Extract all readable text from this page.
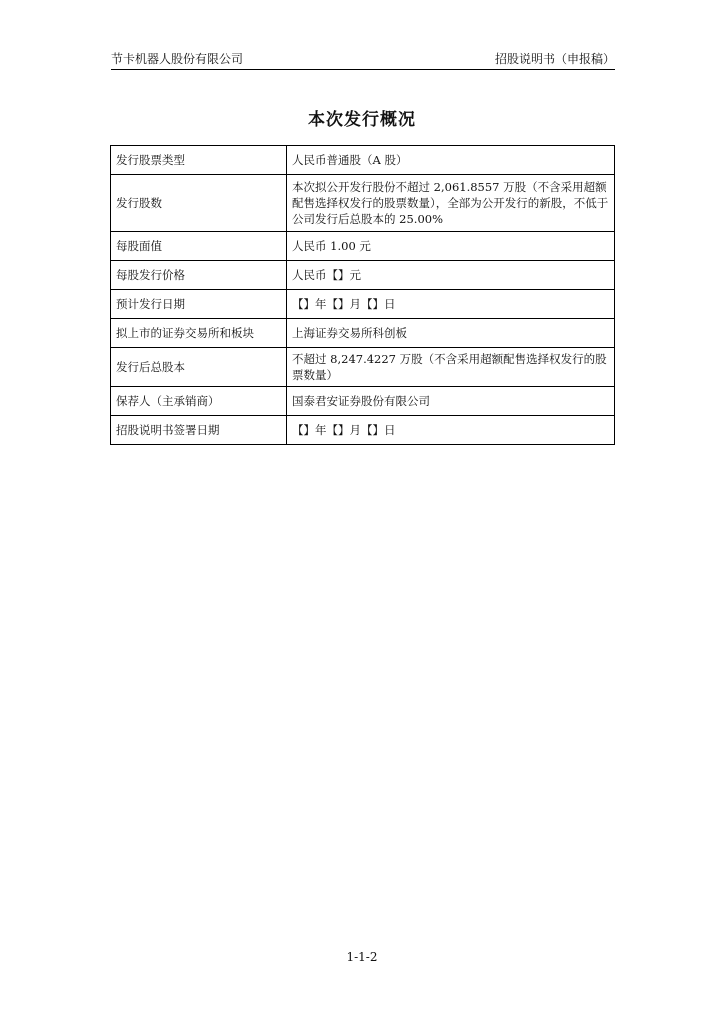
节卡机器人股份有限公司	招股说明书（申报稿）
本次发行概况
发行股票类型	人民币普通股（A 股）
发行股数	本次拟公开发行股份不超过 2,061.8557 万股（不含采用超额配售选择权发行的股票数量），全部为公开发行的新股，不低于公司发行后总股本的 25.00%
每股面值	人民币 1.00 元
每股发行价格	人民币【】元
预计发行日期	【】年【】月【】日
拟上市的证券交易所和板块	上海证券交易所科创板
发行后总股本	不超过 8,247.4227 万股（不含采用超额配售选择权发行的股票数量）
保荐人（主承销商）	国泰君安证券股份有限公司
招股说明书签署日期	【】年【】月【】日
1-1-2
